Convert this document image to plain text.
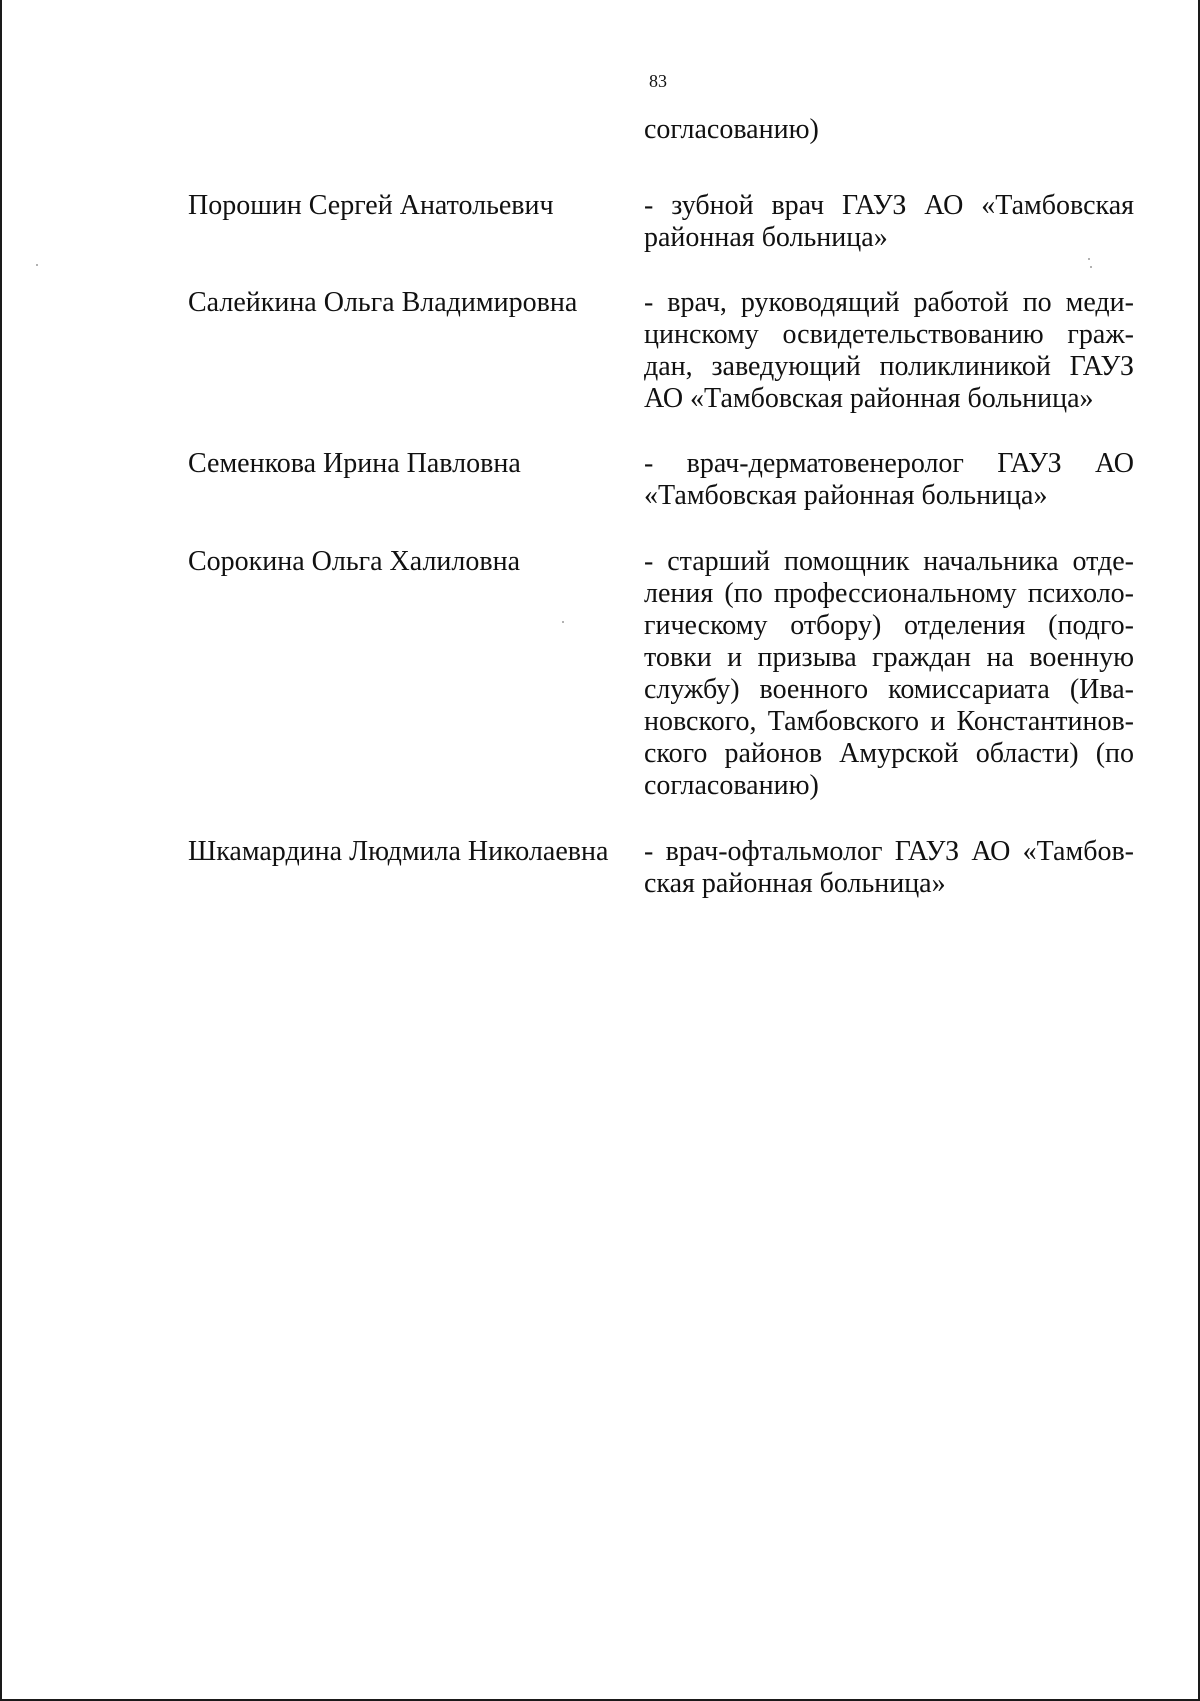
83
согласованию)
Порошин Сергей Анатольевич	- зубной врач ГАУЗ АО «Тамбовская районная больница»
Салейкина Ольга Владимировна - врач, руководящий работой по медицинскому освидетельствованию граждан, заведующий поликлиникой ГАУЗ АО «Тамбовская районная больница»
Семенкова Ирина Павловна	- врач-дерматовенеролог ГАУЗ АО «Тамбовская районная больница»
Сорокина Ольга Халиловна	- старший помощник начальника отделения (по профессиональному психологическому отбору) отделения (подготовки и призыва граждан на военную службу) военного комиссариата (Ивановского, Тамбовского и Константиновского районов Амурской области) (по согласованию)
Шкамардина Людмила Николаевна - врач-офтальмолог ГАУЗ АО «Тамбовская районная больница»
